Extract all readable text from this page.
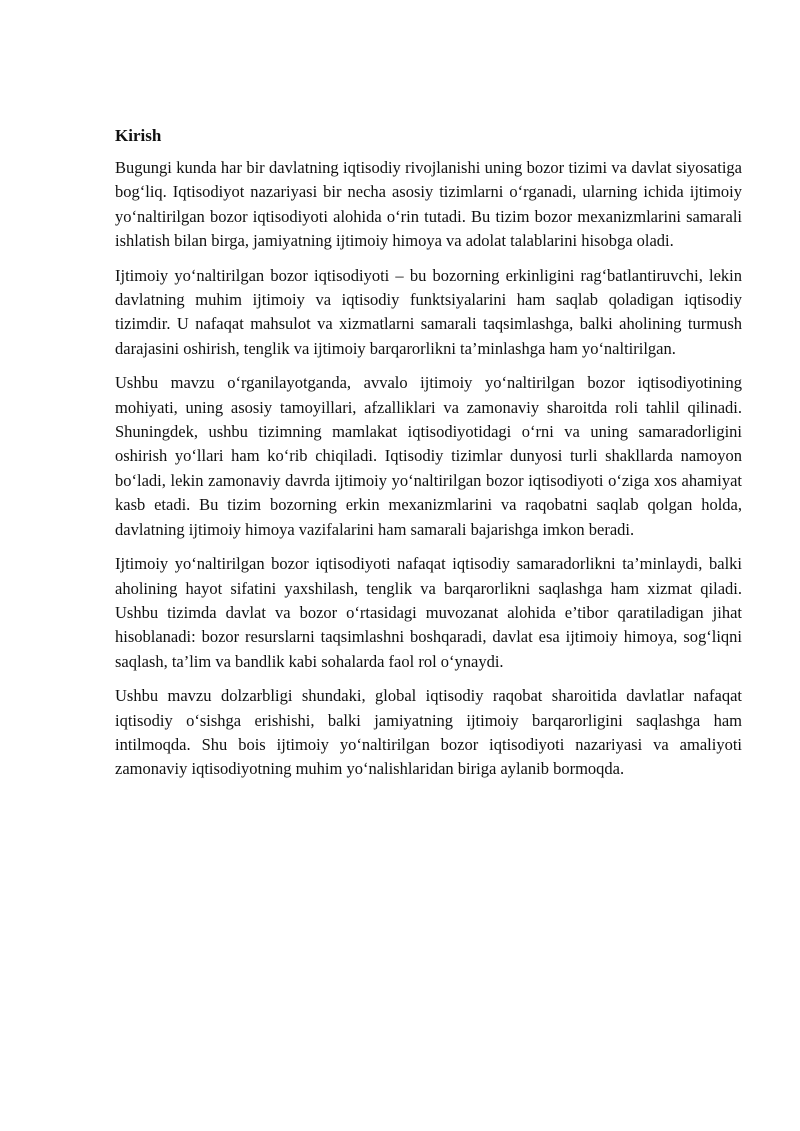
Kirish

Bugungi kunda har bir davlatning iqtisodiy rivojlanishi uning bozor tizimi va davlat siyosatiga bog‘liq. Iqtisodiyot nazariyasi bir necha asosiy tizimlarni o‘rganadi, ularning ichida ijtimoiy yo‘naltirilgan bozor iqtisodiyoti alohida o‘rin tutadi. Bu tizim bozor mexanizmlarini samarali ishlatish bilan birga, jamiyatning ijtimoiy himoya va adolat talablarini hisobga oladi.

Ijtimoiy yo‘naltirilgan bozor iqtisodiyoti – bu bozorning erkinligini rag‘batlantiruvchi, lekin davlatning muhim ijtimoiy va iqtisodiy funktsiyalarini ham saqlab qoladigan iqtisodiy tizimdir. U nafaqat mahsulot va xizmatlarni samarali taqsimlashga, balki aholining turmush darajasini oshirish, tenglik va ijtimoiy barqarorlikni ta’minlashga ham yo‘naltirilgan.

Ushbu mavzu o‘rganilayotganda, avvalo ijtimoiy yo‘naltirilgan bozor iqtisodiyotining mohiyati, uning asosiy tamoyillari, afzalliklari va zamonaviy sharoitda roli tahlil qilinadi. Shuningdek, ushbu tizimning mamlakat iqtisodiyotidagi o‘rni va uning samaradorligini oshirish yo‘llari ham ko‘rib chiqiladi. Iqtisodiy tizimlar dunyosi turli shakllarda namoyon bo‘ladi, lekin zamonaviy davrda ijtimoiy yo‘naltirilgan bozor iqtisodiyoti o‘ziga xos ahamiyat kasb etadi. Bu tizim bozorning erkin mexanizmlarini va raqobatni saqlab qolgan holda, davlatning ijtimoiy himoya vazifalarini ham samarali bajarishga imkon beradi.

Ijtimoiy yo‘naltirilgan bozor iqtisodiyoti nafaqat iqtisodiy samaradorlikni ta’minlaydi, balki aholining hayot sifatini yaxshilash, tenglik va barqarorlikni saqlashga ham xizmat qiladi. Ushbu tizimda davlat va bozor o‘rtasidagi muvozanat alohida e’tibor qaratiladigan jihat hisoblanadi: bozor resurslarni taqsimlashni boshqaradi, davlat esa ijtimoiy himoya, sog‘liqni saqlash, ta’lim va bandlik kabi sohalarda faol rol o‘ynaydi.

Ushbu mavzu dolzarbligi shundaki, global iqtisodiy raqobat sharoitida davlatlar nafaqat iqtisodiy o‘sishga erishishi, balki jamiyatning ijtimoiy barqarorligini saqlashga ham intilmoqda. Shu bois ijtimoiy yo‘naltirilgan bozor iqtisodiyoti nazariyasi va amaliyoti zamonaviy iqtisodiyotning muhim yo‘nalishlaridan biriga aylanib bormoqda.
